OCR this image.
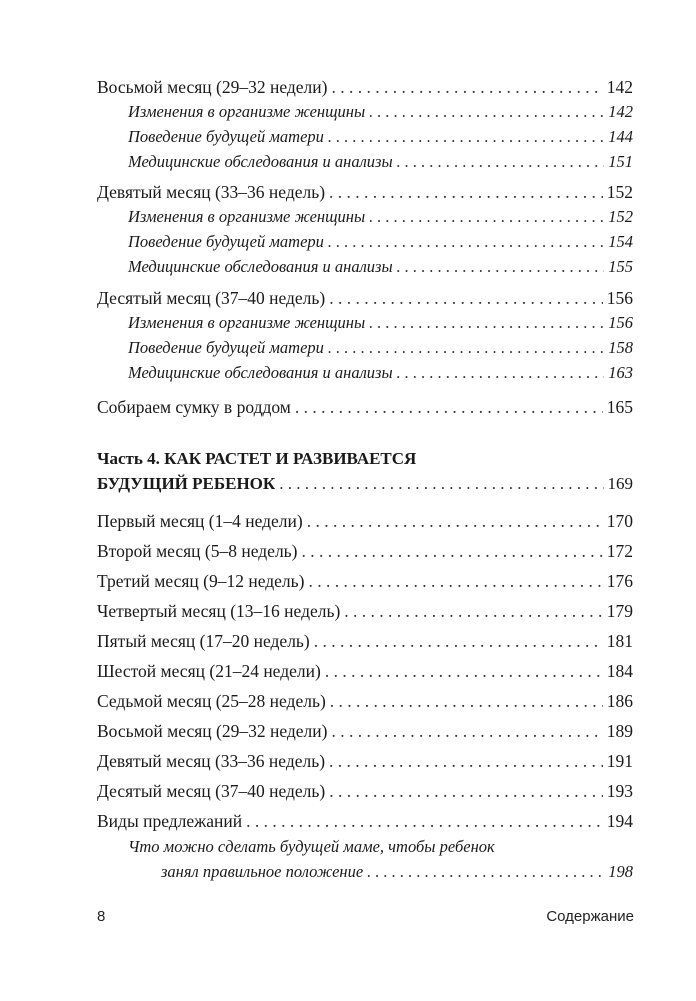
Восьмой месяц (29–32 недели) . . .	142
Изменения в организме женщины . . .	142
Поведение будущей матери . . .	144
Медицинские обследования и анализы . . .	151
Девятый месяц (33–36 недель) . . .	152
Изменения в организме женщины . . .	152
Поведение будущей матери . . .	154
Медицинские обследования и анализы . . .	155
Десятый месяц (37–40 недель) . . .	156
Изменения в организме женщины . . .	156
Поведение будущей матери . . .	158
Медицинские обследования и анализы . . .	163
Собираем сумку в роддом . . .	165
Часть 4. КАК РАСТЕТ И РАЗВИВАЕТСЯ
БУДУЩИЙ РЕБЕНОК . . .	169
Первый месяц (1–4 недели) . . .	170
Второй месяц (5–8 недель) . . .	172
Третий месяц (9–12 недель) . . .	176
Четвертый месяц (13–16 недель) . . .	179
Пятый месяц (17–20 недель) . . .	181
Шестой месяц (21–24 недели) . . .	184
Седьмой месяц (25–28 недель) . . .	186
Восьмой месяц (29–32 недели) . . .	189
Девятый месяц (33–36 недель) . . .	191
Десятый месяц (37–40 недель) . . .	193
Виды предлежаний . . .	194
Что можно сделать будущей маме, чтобы ребенок
занял правильное положение . . .	198
8	Содержание
